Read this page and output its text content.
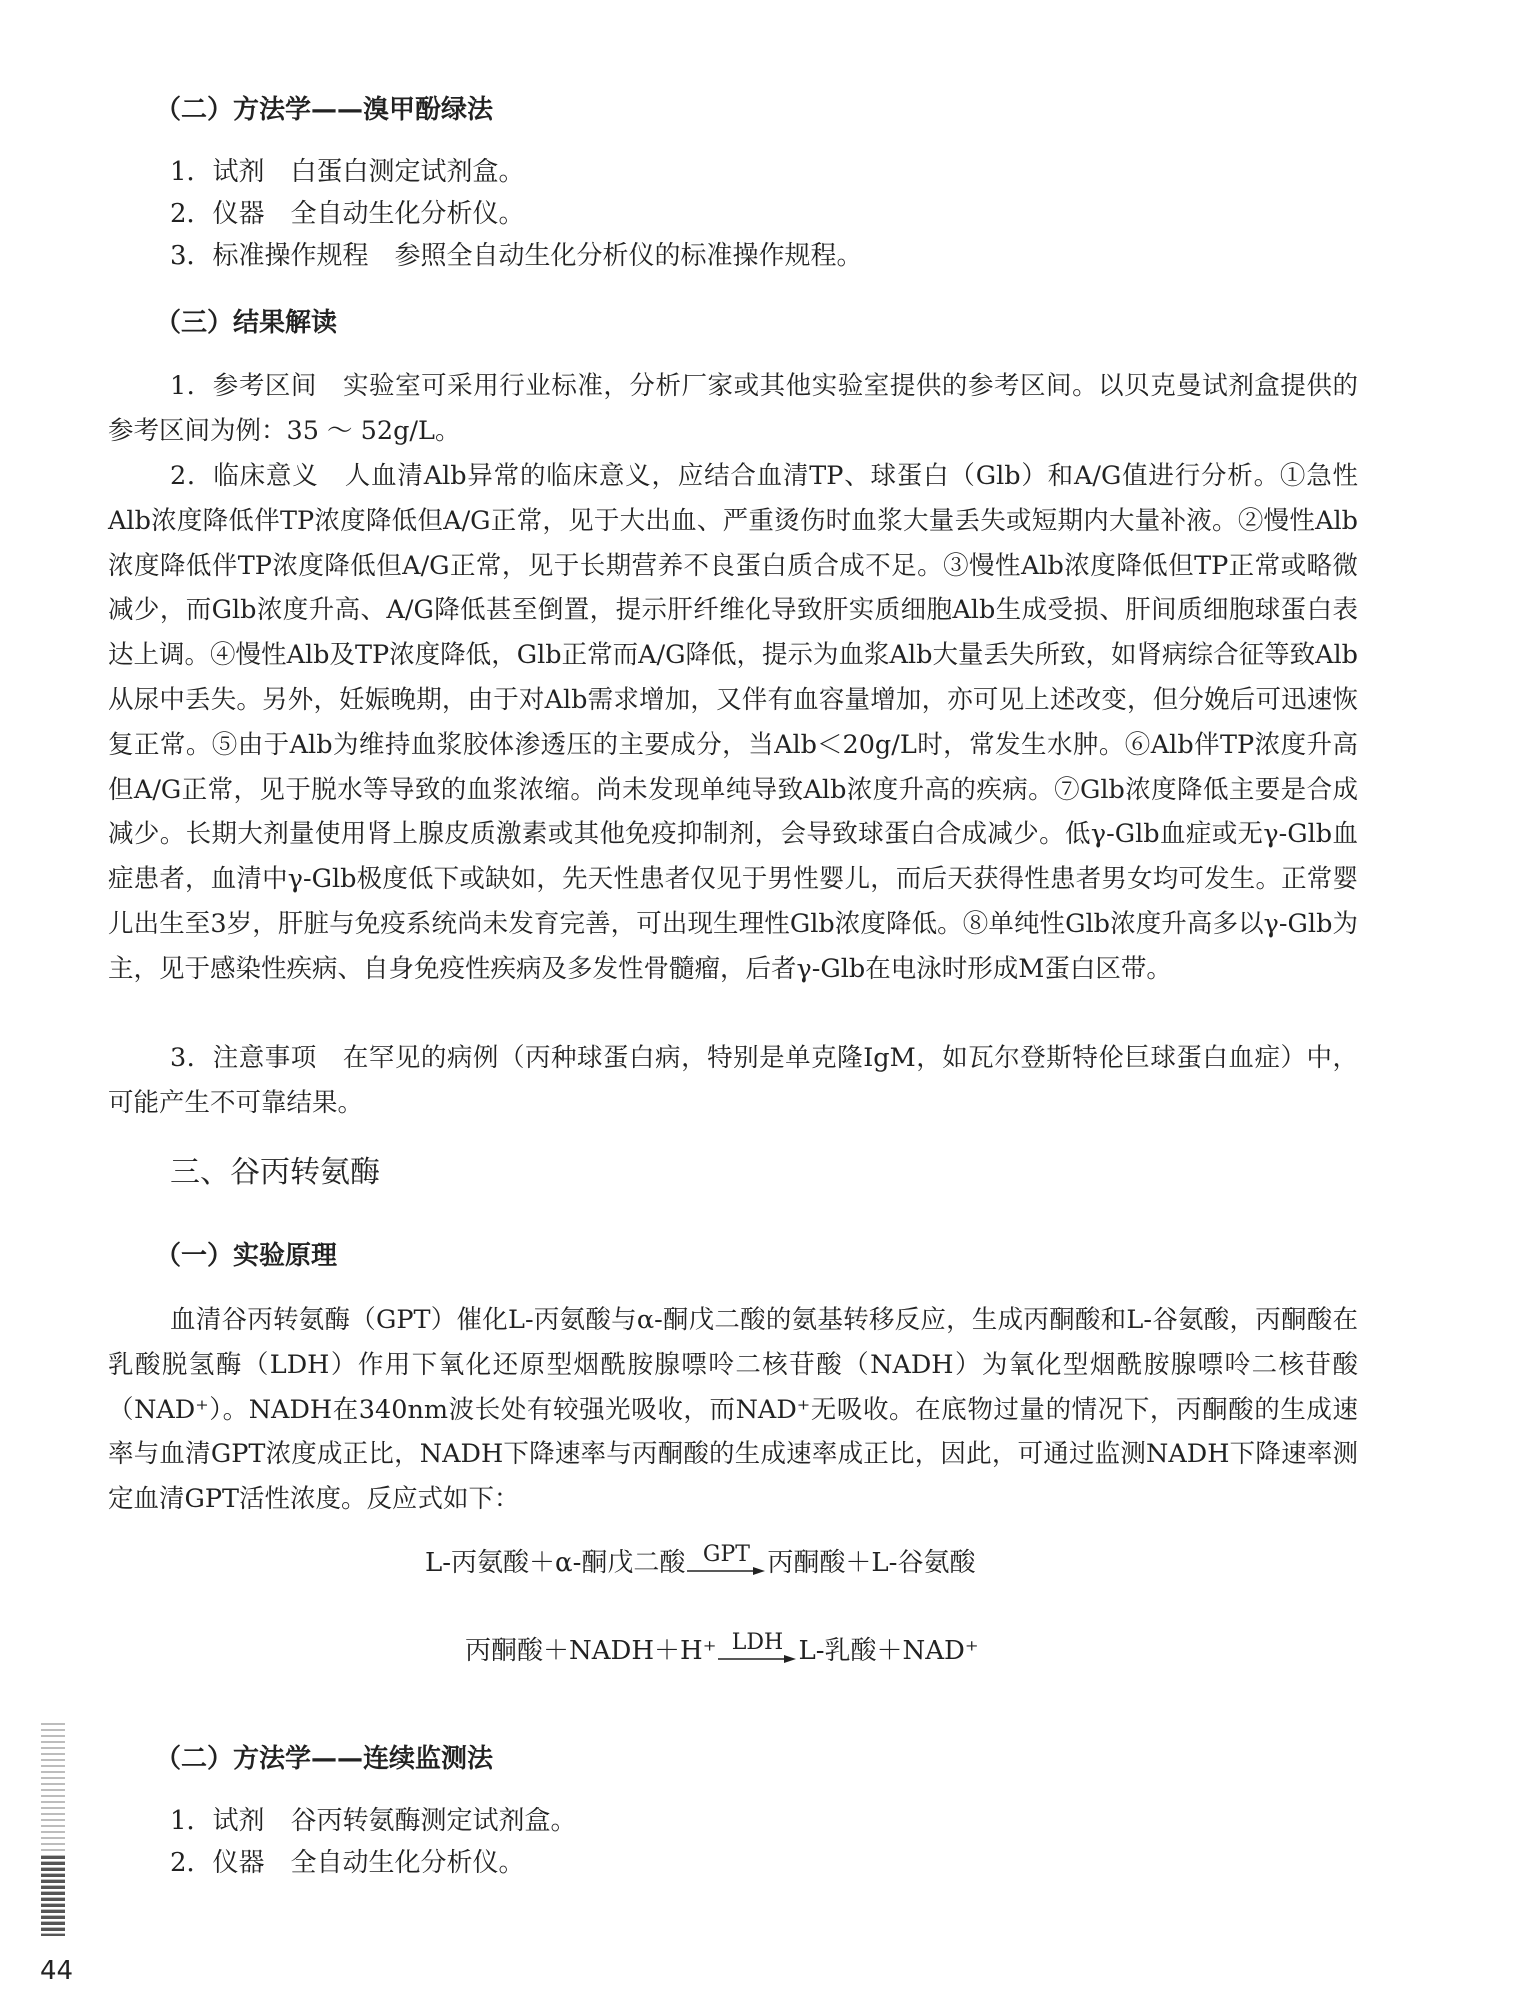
（二）方法学——溴甲酚绿法
1．试剂　白蛋白测定试剂盒。
2．仪器　全自动生化分析仪。
3．标准操作规程　参照全自动生化分析仪的标准操作规程。
（三）结果解读
1．参考区间　实验室可采用行业标准，分析厂家或其他实验室提供的参考区间。以贝克曼试剂盒提供的参考区间为例：35 ～ 52g/L。
2．临床意义　人血清Alb异常的临床意义，应结合血清TP、球蛋白（Glb）和A/G值进行分析。①急性Alb浓度降低伴TP浓度降低但A/G正常，见于大出血、严重烫伤时血浆大量丢失或短期内大量补液。②慢性Alb浓度降低伴TP浓度降低但A/G正常，见于长期营养不良蛋白质合成不足。③慢性Alb浓度降低但TP正常或略微减少，而Glb浓度升高、A/G降低甚至倒置，提示肝纤维化导致肝实质细胞Alb生成受损、肝间质细胞球蛋白表达上调。④慢性Alb及TP浓度降低，Glb正常而A/G降低，提示为血浆Alb大量丢失所致，如肾病综合征等致Alb从尿中丢失。另外，妊娠晚期，由于对Alb需求增加，又伴有血容量增加，亦可见上述改变，但分娩后可迅速恢复正常。⑤由于Alb为维持血浆胶体渗透压的主要成分，当Alb＜20g/L时，常发生水肿。⑥Alb伴TP浓度升高但A/G正常，见于脱水等导致的血浆浓缩。尚未发现单纯导致Alb浓度升高的疾病。⑦Glb浓度降低主要是合成减少。长期大剂量使用肾上腺皮质激素或其他免疫抑制剂，会导致球蛋白合成减少。低γ-Glb血症或无γ-Glb血症患者，血清中γ-Glb极度低下或缺如，先天性患者仅见于男性婴儿，而后天获得性患者男女均可发生。正常婴儿出生至3岁，肝脏与免疫系统尚未发育完善，可出现生理性Glb浓度降低。⑧单纯性Glb浓度升高多以γ-Glb为主，见于感染性疾病、自身免疫性疾病及多发性骨髓瘤，后者γ-Glb在电泳时形成M蛋白区带。
3．注意事项　在罕见的病例（丙种球蛋白病，特别是单克隆IgM，如瓦尔登斯特伦巨球蛋白血症）中，可能产生不可靠结果。
三、谷丙转氨酶
（一）实验原理
血清谷丙转氨酶（GPT）催化L-丙氨酸与α-酮戊二酸的氨基转移反应，生成丙酮酸和L-谷氨酸，丙酮酸在乳酸脱氢酶（LDH）作用下氧化还原型烟酰胺腺嘌呤二核苷酸（NADH）为氧化型烟酰胺腺嘌呤二核苷酸（NAD⁺）。NADH在340nm波长处有较强光吸收，而NAD⁺无吸收。在底物过量的情况下，丙酮酸的生成速率与血清GPT浓度成正比，NADH下降速率与丙酮酸的生成速率成正比，因此，可通过监测NADH下降速率测定血清GPT活性浓度。反应式如下：
L-丙氨酸＋α-酮戊二酸 GPT 丙酮酸＋L-谷氨酸
丙酮酸＋NADH＋H⁺ LDH L-乳酸＋NAD⁺
（二）方法学——连续监测法
1．试剂　谷丙转氨酶测定试剂盒。
2．仪器　全自动生化分析仪。
44
